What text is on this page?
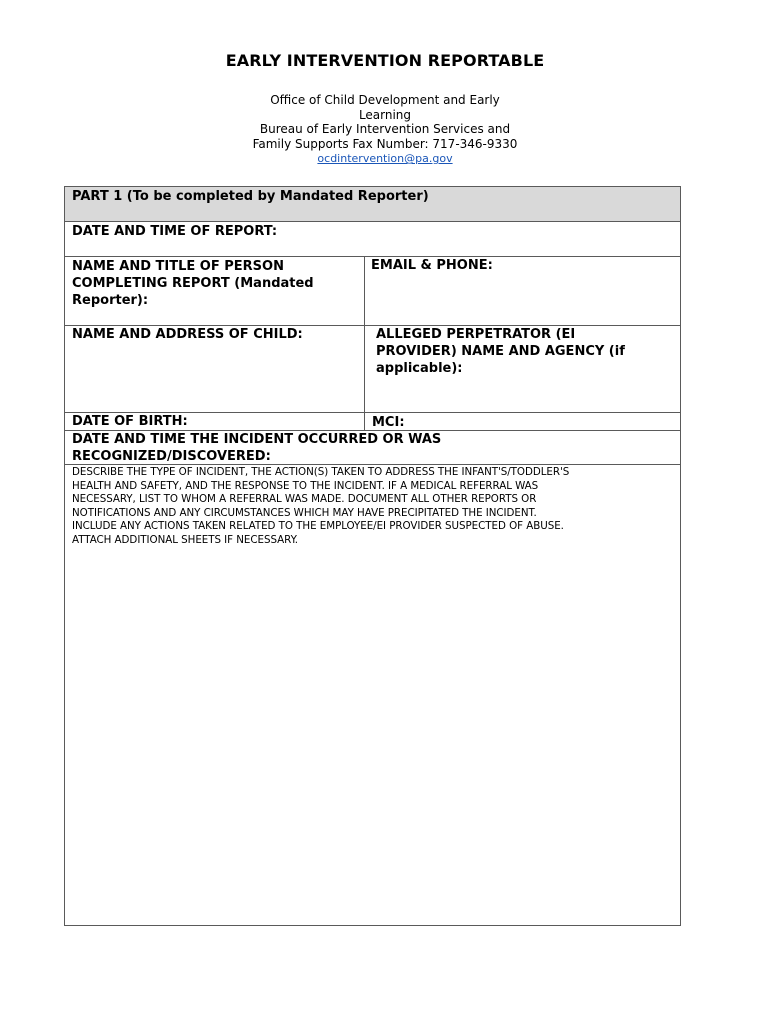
EARLY INTERVENTION REPORTABLE
Office of Child Development and Early
Learning
Bureau of Early Intervention Services and
Family Supports Fax Number: 717-346-9330
ocdintervention@pa.gov
PART 1 (To be completed by Mandated Reporter)
DATE AND TIME OF REPORT:
NAME AND TITLE OF PERSON
COMPLETING REPORT (Mandated
Reporter):
EMAIL & PHONE:
NAME AND ADDRESS OF CHILD:	ALLEGED PERPETRATOR (EI
PROVIDER) NAME AND AGENCY (if
applicable):
DATE OF BIRTH:	MCI:
DATE AND TIME THE INCIDENT OCCURRED OR WAS
RECOGNIZED/DISCOVERED:
DESCRIBE THE TYPE OF INCIDENT, THE ACTION(S) TAKEN TO ADDRESS THE INFANT'S/TODDLER'S
HEALTH AND SAFETY, AND THE RESPONSE TO THE INCIDENT. IF A MEDICAL REFERRAL WAS
NECESSARY, LIST TO WHOM A REFERRAL WAS MADE. DOCUMENT ALL OTHER REPORTS OR
NOTIFICATIONS AND ANY CIRCUMSTANCES WHICH MAY HAVE PRECIPITATED THE INCIDENT.
INCLUDE ANY ACTIONS TAKEN RELATED TO THE EMPLOYEE/EI PROVIDER SUSPECTED OF ABUSE.
ATTACH ADDITIONAL SHEETS IF NECESSARY.
